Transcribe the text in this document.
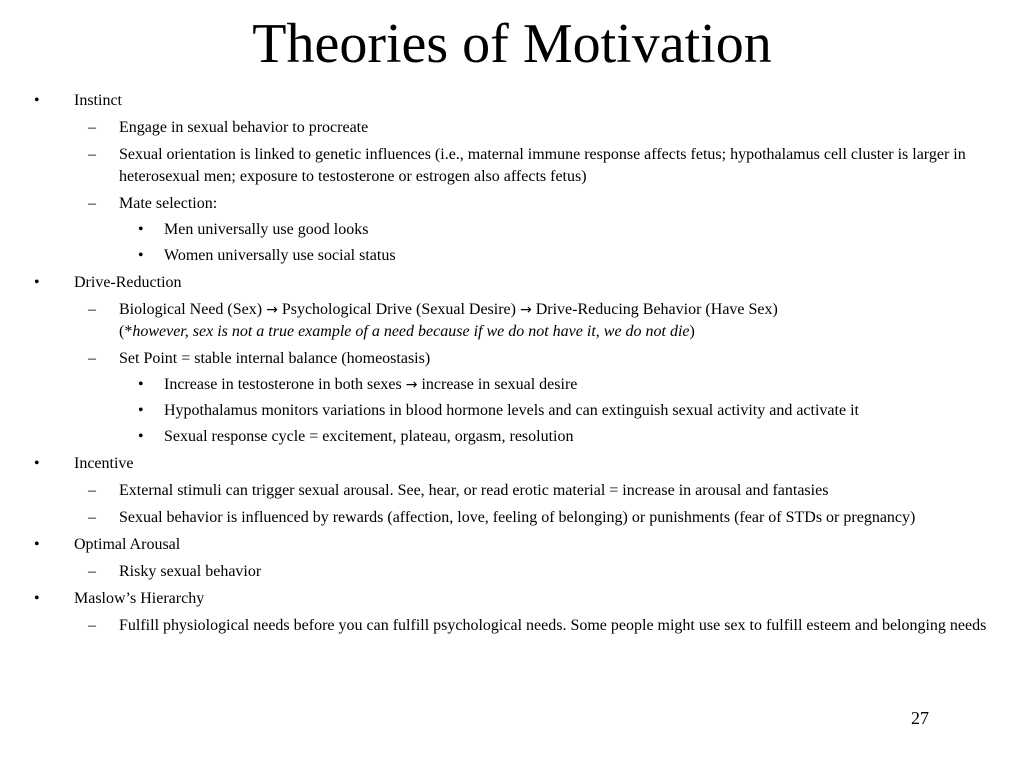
Theories of Motivation
• Instinct
– Engage in sexual behavior to procreate
– Sexual orientation is linked to genetic influences (i.e., maternal immune response affects fetus; hypothalamus cell cluster is larger in heterosexual men; exposure to testosterone or estrogen also affects fetus)
– Mate selection:
• Men universally use good looks
• Women universally use social status
• Drive-Reduction
– Biological Need (Sex) → Psychological Drive (Sexual Desire) → Drive-Reducing Behavior (Have Sex)
(*however, sex is not a true example of a need because if we do not have it, we do not die)
– Set Point = stable internal balance (homeostasis)
• Increase in testosterone in both sexes → increase in sexual desire
• Hypothalamus monitors variations in blood hormone levels and can extinguish sexual activity and activate it
• Sexual response cycle = excitement, plateau, orgasm, resolution
• Incentive
– External stimuli can trigger sexual arousal. See, hear, or read erotic material = increase in arousal and fantasies
– Sexual behavior is influenced by rewards (affection, love, feeling of belonging) or punishments (fear of STDs or pregnancy)
• Optimal Arousal
– Risky sexual behavior
• Maslow’s Hierarchy
– Fulfill physiological needs before you can fulfill psychological needs. Some people might use sex to fulfill esteem and belonging needs
27
